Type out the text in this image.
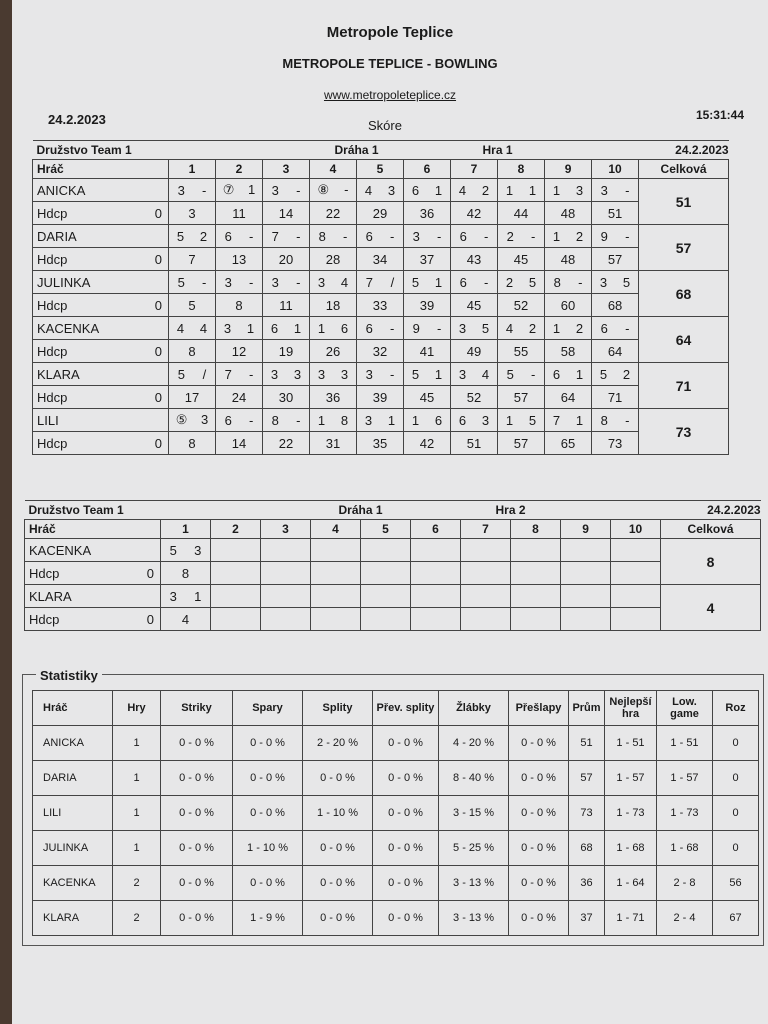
Metropole Teplice
METROPOLE TEPLICE - BOWLING
www.metropoleteplice.cz
24.2.2023	Skóre
15:31:44
Družstvo Team 1				Dráha 1		Hra 1				24.2.2023	
Hráč	1	2	3	4	5	6	7	8	9	10	Celková
ANICKA	3 -	⑦ 1	3 -	⑧ -	4 3	6 1	4 2	1 1	1 3	3 -	51
Hdcp 0	3	11	14	22	29	36	42	44	48	51	
DARIA	5 2	6 -	7 -	8 -	6 -	3 -	6 -	2 -	1 2	9 -	57
Hdcp 0	7	13	20	28	34	37	43	45	48	57	
JULINKA	5 -	3 -	3 -	3 4	7 /	5 1	6 -	2 5	8 -	3 5	68
Hdcp 0	5	8	11	18	33	39	45	52	60	68	
KACENKA	4 4	3 1	6 1	1 6	6 -	9 -	3 5	4 2	1 2	6 -	64
Hdcp 0	8	12	19	26	32	41	49	55	58	64	
KLARA	5 /	7 -	3 3	3 3	3 -	5 1	3 4	5 -	6 1	5 2	71
Hdcp 0	17	24	30	36	39	45	52	57	64	71	
LILI	⑤ 3	6 -	8 -	1 8	3 1	1 6	6 3	1 5	7 1	8 -	73
Hdcp 0	8	14	22	31	35	42	51	57	65	73	
Družstvo Team 1				Dráha 1		Hra 2				24.2.2023	
Hráč	1	2	3	4	5	6	7	8	9	10	Celková
KACENKA	5 3										8
Hdcp 0	8										
KLARA	3 1										4
Hdcp 0	4										
Statistiky
Hráč	Hry	Striky	Spary	Splity	Přev. splity	Žlábky	Přešlapy	Prům	Nejlepší hra	Low. game	Roz
ANICKA	1	0 - 0 %	0 - 0 %	2 - 20 %	0 - 0 %	4 - 20 %	0 - 0 %	51	1 - 51	1 - 51	0
DARIA	1	0 - 0 %	0 - 0 %	0 - 0 %	0 - 0 %	8 - 40 %	0 - 0 %	57	1 - 57	1 - 57	0
LILI	1	0 - 0 %	0 - 0 %	1 - 10 %	0 - 0 %	3 - 15 %	0 - 0 %	73	1 - 73	1 - 73	0
JULINKA	1	0 - 0 %	1 - 10 %	0 - 0 %	0 - 0 %	5 - 25 %	0 - 0 %	68	1 - 68	1 - 68	0
KACENKA	2	0 - 0 %	0 - 0 %	0 - 0 %	0 - 0 %	3 - 13 %	0 - 0 %	36	1 - 64	2 - 8	56
KLARA	2	0 - 0 %	1 - 9 %	0 - 0 %	0 - 0 %	3 - 13 %	0 - 0 %	37	1 - 71	2 - 4	67
